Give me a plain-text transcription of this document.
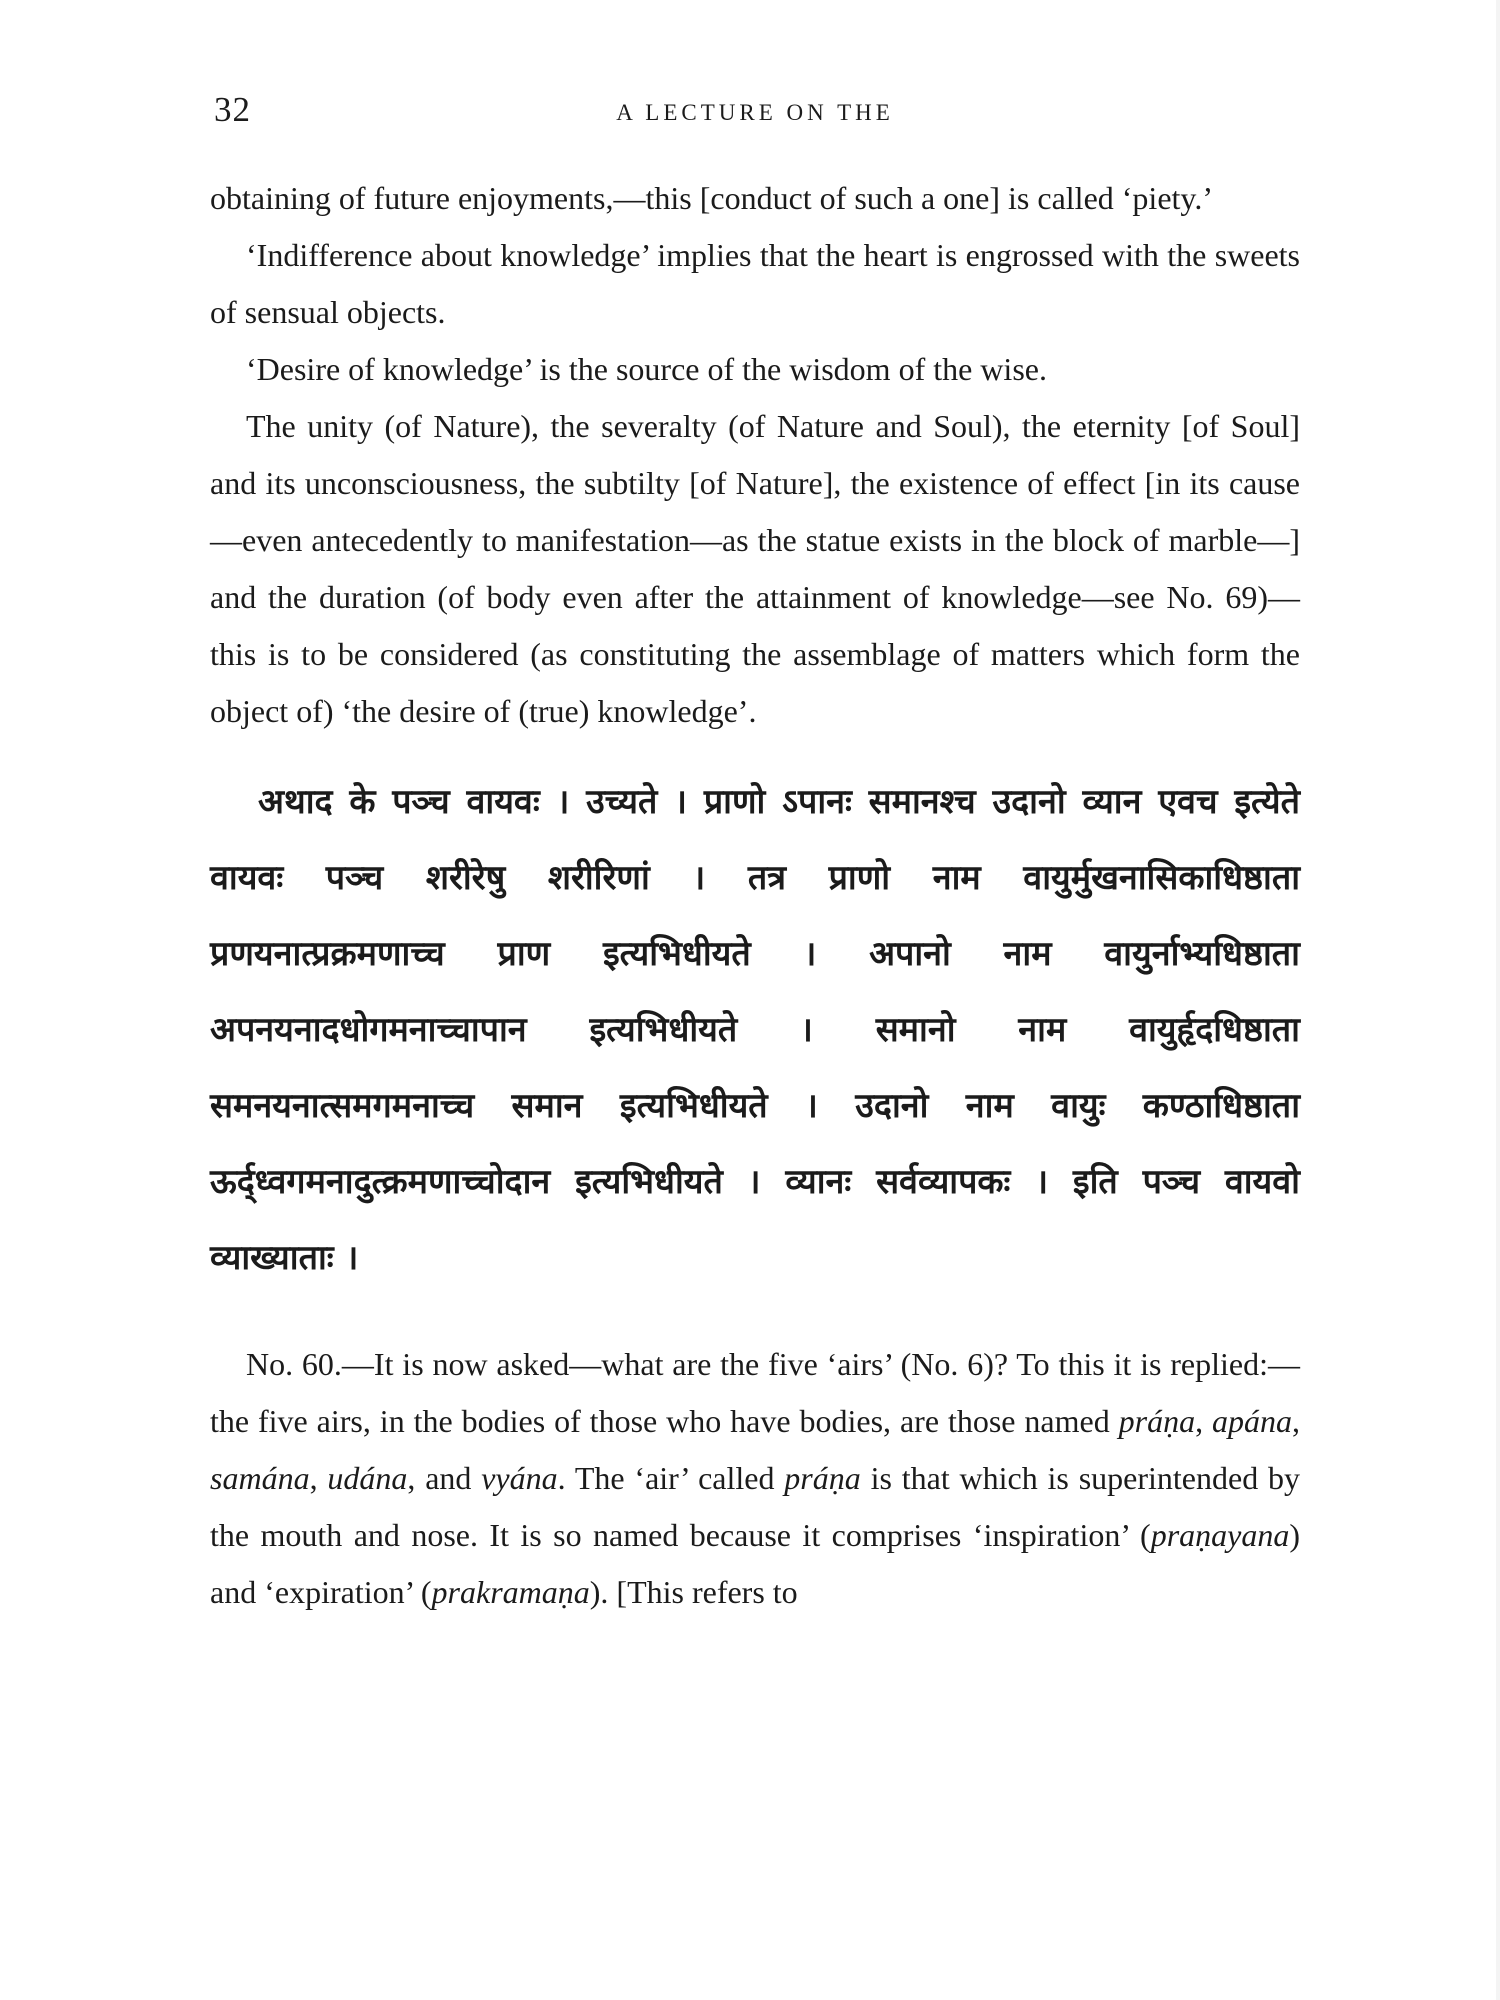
32	A LECTURE ON THE

obtaining of future enjoyments,—this [conduct of such a one] is called ‘piety.’

‘Indifference about knowledge’ implies that the heart is engrossed with the sweets of sensual objects.

‘Desire of knowledge’ is the source of the wisdom of the wise.

The unity (of Nature), the severalty (of Nature and Soul), the eternity [of Soul] and its unconsciousness, the subtilty [of Nature], the existence of effect [in its cause—even antecedently to manifestation—as the statue exists in the block of marble—] and the duration (of body even after the attainment of knowledge—see No. 69)—this is to be considered (as constituting the assemblage of matters which form the object of) ‘the desire of (true) knowledge’.

अथाद के पञ्च वायवः । उच्यते । प्राणो ऽपानः समानश्च उदानो व्यान एवच इत्येते वायवः पञ्च शरीरेषु शरीरिणां । तत्र प्राणो नाम वायुर्मुखनासिकाधिष्ठाता प्रणयनात्प्रक्रमणाच्च प्राण इत्यभिधीयते । अपानो नाम वायुर्नाभ्यधिष्ठाता अपनयनादधोगमनाच्चापान इत्यभिधीयते । समानो नाम वायुर्हृदधिष्ठाता समनयनात्समगमनाच्च समान इत्यभिधीयते । उदानो नाम वायुः कण्ठाधिष्ठाता ऊर्द्ध्वगमनादुत्क्रमणाच्चोदान इत्यभिधीयते । व्यानः सर्वव्यापकः । इति पञ्च वायवो व्याख्याताः ।

No. 60.—It is now asked—what are the five ‘airs’ (No. 6)? To this it is replied:—the five airs, in the bodies of those who have bodies, are those named práṇa, apána, samána, udána, and vyána. The ‘air’ called práṇa is that which is superintended by the mouth and nose. It is so named because it comprises ‘inspiration’ (praṇayana) and ‘expiration’ (prakramaṇa). [This refers to
